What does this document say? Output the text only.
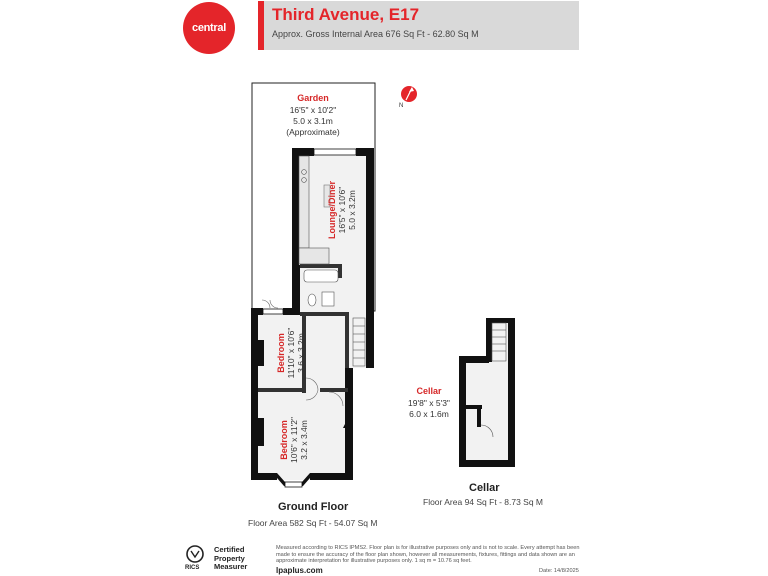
central
Third Avenue, E17
Approx. Gross Internal Area 676 Sq Ft - 62.80 Sq M
N
Garden
16'5" x 10'2"
5.0 x 3.1m
(Approximate)
Lounge/Diner 16'5" x 10'6" 5.0 x 3.2m
Bedroom 11'10" x 10'6" 3.6 x 3.2m
Bedroom 10'6" x 11'2" 3.2 x 3.4m
Cellar
19'8" x 5'3"
6.0 x 1.6m
Ground Floor
Floor Area 582 Sq Ft - 54.07 Sq M
Cellar
Floor Area 94 Sq Ft - 8.73 Sq M
RICS
Certified
Property
Measurer
Measured according to RICS IPMS2. Floor plan is for illustrative purposes only and is not to scale. Every attempt has been made to ensure the accuracy of the floor plan shown, however all measurements, fixtures, fittings and data shown are an approximate interpretation for illustrative purposes only. 1 sq m = 10.76 sq feet.
lpaplus.com	Date: 14/8/2025
